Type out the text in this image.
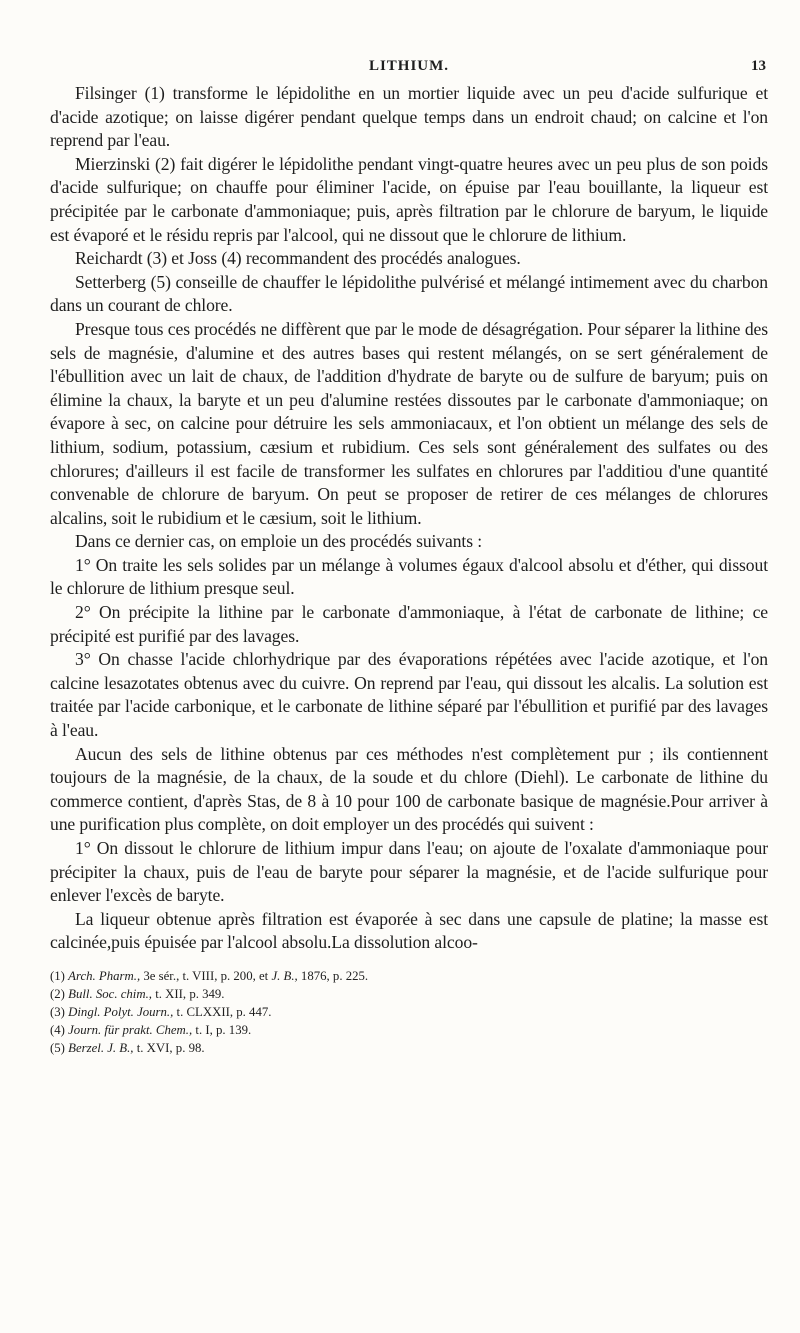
LITHIUM.	13

Filsinger (1) transforme le lépidolithe en un mortier liquide avec un peu d'acide sulfurique et d'acide azotique; on laisse digérer pendant quelque temps dans un endroit chaud; on calcine et l'on reprend par l'eau.

Mierzinski (2) fait digérer le lépidolithe pendant vingt-quatre heures avec un peu plus de son poids d'acide sulfurique; on chauffe pour éliminer l'acide, on épuise par l'eau bouillante, la liqueur est précipitée par le carbonate d'ammoniaque; puis, après filtration par le chlorure de baryum, le liquide est évaporé et le résidu repris par l'alcool, qui ne dissout que le chlorure de lithium.

Reichardt (3) et Joss (4) recommandent des procédés analogues.

Setterberg (5) conseille de chauffer le lépidolithe pulvérisé et mélangé intimement avec du charbon dans un courant de chlore.

Presque tous ces procédés ne diffèrent que par le mode de désagrégation. Pour séparer la lithine des sels de magnésie, d'alumine et des autres bases qui restent mélangés, on se sert généralement de l'ébullition avec un lait de chaux, de l'addition d'hydrate de baryte ou de sulfure de baryum; puis on élimine la chaux, la baryte et un peu d'alumine restées dissoutes par le carbonate d'ammoniaque; on évapore à sec, on calcine pour détruire les sels ammoniacaux, et l'on obtient un mélange des sels de lithium, sodium, potassium, cæsium et rubidium. Ces sels sont généralement des sulfates ou des chlorures; d'ailleurs il est facile de transformer les sulfates en chlorures par l'additiou d'une quantité convenable de chlorure de baryum. On peut se proposer de retirer de ces mélanges de chlorures alcalins, soit le rubidium et le cæsium, soit le lithium.

Dans ce dernier cas, on emploie un des procédés suivants :

1° On traite les sels solides par un mélange à volumes égaux d'alcool absolu et d'éther, qui dissout le chlorure de lithium presque seul.

2° On précipite la lithine par le carbonate d'ammoniaque, à l'état de carbonate de lithine; ce précipité est purifié par des lavages.

3° On chasse l'acide chlorhydrique par des évaporations répétées avec l'acide azotique, et l'on calcine lesazotates obtenus avec du cuivre. On reprend par l'eau, qui dissout les alcalis. La solution est traitée par l'acide carbonique, et le carbonate de lithine séparé par l'ébullition et purifié par des lavages à l'eau.

Aucun des sels de lithine obtenus par ces méthodes n'est complètement pur ; ils contiennent toujours de la magnésie, de la chaux, de la soude et du chlore (Diehl). Le carbonate de lithine du commerce contient, d'après Stas, de 8 à 10 pour 100 de carbonate basique de magnésie.Pour arriver à une purification plus complète, on doit employer un des procédés qui suivent :

1° On dissout le chlorure de lithium impur dans l'eau; on ajoute de l'oxalate d'ammoniaque pour précipiter la chaux, puis de l'eau de baryte pour séparer la magnésie, et de l'acide sulfurique pour enlever l'excès de baryte.

La liqueur obtenue après filtration est évaporée à sec dans une capsule de platine; la masse est calcinée,puis épuisée par l'alcool absolu.La dissolution alcoo-

(1) Arch. Pharm., 3e sér., t. VIII, p. 200, et J. B., 1876, p. 225.
(2) Bull. Soc. chim., t. XII, p. 349.
(3) Dingl. Polyt. Journ., t. CLXXII, p. 447.
(4) Journ. für prakt. Chem., t. I, p. 139.
(5) Berzel. J. B., t. XVI, p. 98.
